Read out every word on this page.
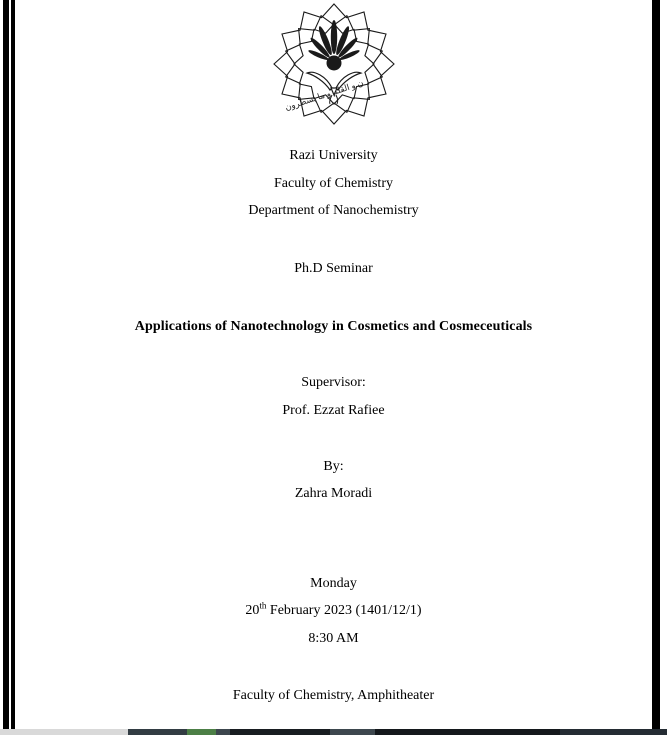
ن و القلم و ما يسطرون
Razi University
Faculty of Chemistry
Department of Nanochemistry
Ph.D Seminar
Applications of Nanotechnology in Cosmetics and Cosmeceuticals
Supervisor:
Prof. Ezzat Rafiee
By:
Zahra Moradi
Monday
20th February 2023 (1401/12/1)
8:30 AM
Faculty of Chemistry, Amphitheater
